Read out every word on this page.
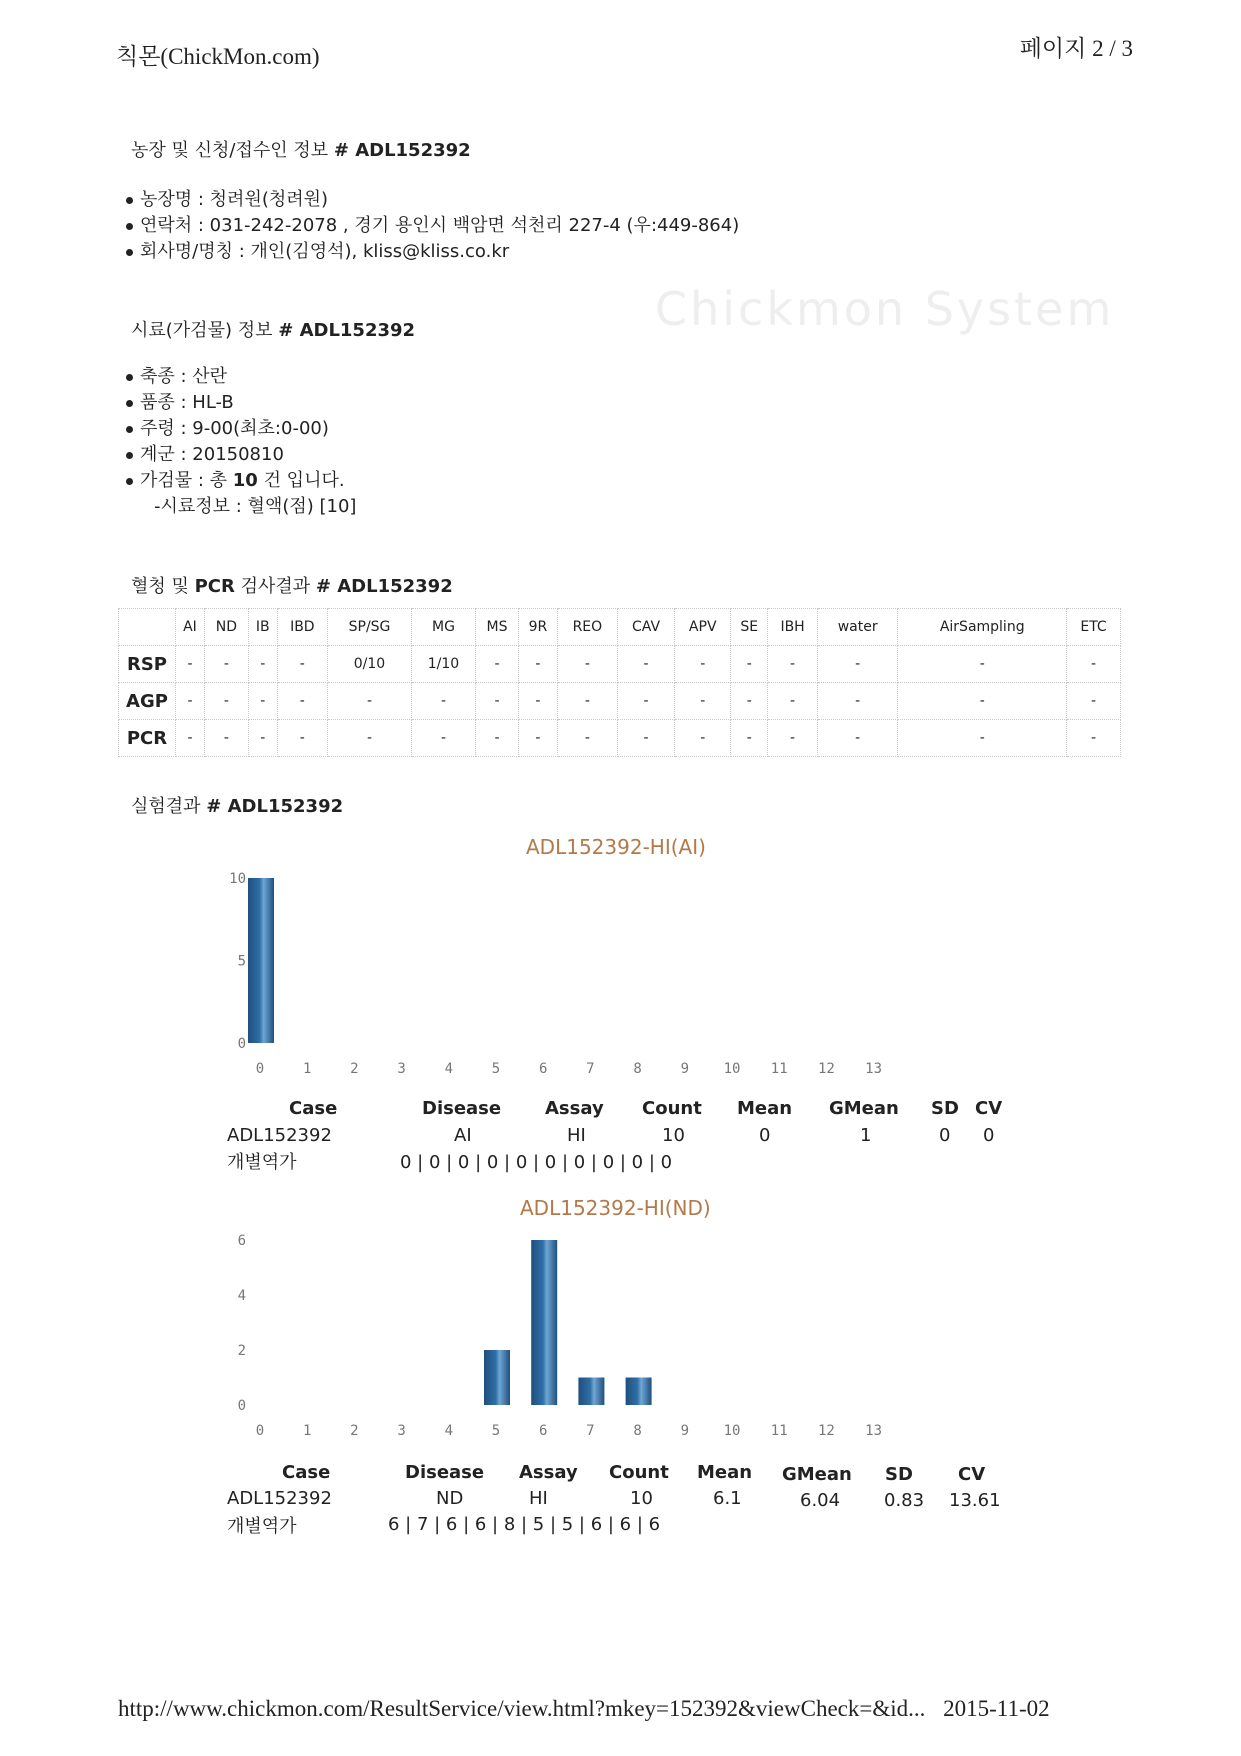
칙몬(ChickMon.com)	페이지 2 / 3
농장 및 신청/접수인 정보 # ADL152392
농장명 : 청려원(청려원)
연락처 : 031-242-2078 , 경기 용인시 백암면 석천리 227-4 (우:449-864)
회사명/명칭 : 개인(김영석), kliss@kliss.co.kr
Chickmon System
시료(가검물) 정보 # ADL152392
축종 : 산란
품종 : HL-B
주령 : 9-00(최초:0-00)
계군 : 20150810
가검물 : 총 10 건 입니다.
-시료정보 : 혈액(점) [10]
혈청 및 PCR 검사결과 # ADL152392
	AI	ND	IB	IBD	SP/SG	MG	MS	9R	REO	CAV	APV	SE	IBH	water	AirSampling	ETC
RSP	-	-	-	-	0/10	1/10	-	-	-	-	-	-	-	-	-	-
AGP	-	-	-	-	-	-	-	-	-	-	-	-	-	-	-	-
PCR	-	-	-	-	-	-	-	-	-	-	-	-	-	-	-	-
실험결과 # ADL152392
ADL152392-HI(AI)
0
5
10
0	1	2	3	4	5	6	7	8	9 10 11 12 13
Case	Disease Assay Count Mean GMean SD CV
ADL152392	AI	HI	10	0	1	0 0
개별역가	0 | 0 | 0 | 0 | 0 | 0 | 0 | 0 | 0 | 0
ADL152392-HI(ND)
0
2
4
6
0	1	2	3	4	5	6	7	8	9 10 11 12 13
Case	Disease Assay Count Mean GMean SD	CV
ADL152392	ND	HI	10	6.1	6.04 0.83 13.61
개별역가	6 | 7 | 6 | 6 | 8 | 5 | 5 | 6 | 6 | 6
http://www.chickmon.com/ResultService/view.html?mkey=152392&viewCheck=&id... 2015-11-02
